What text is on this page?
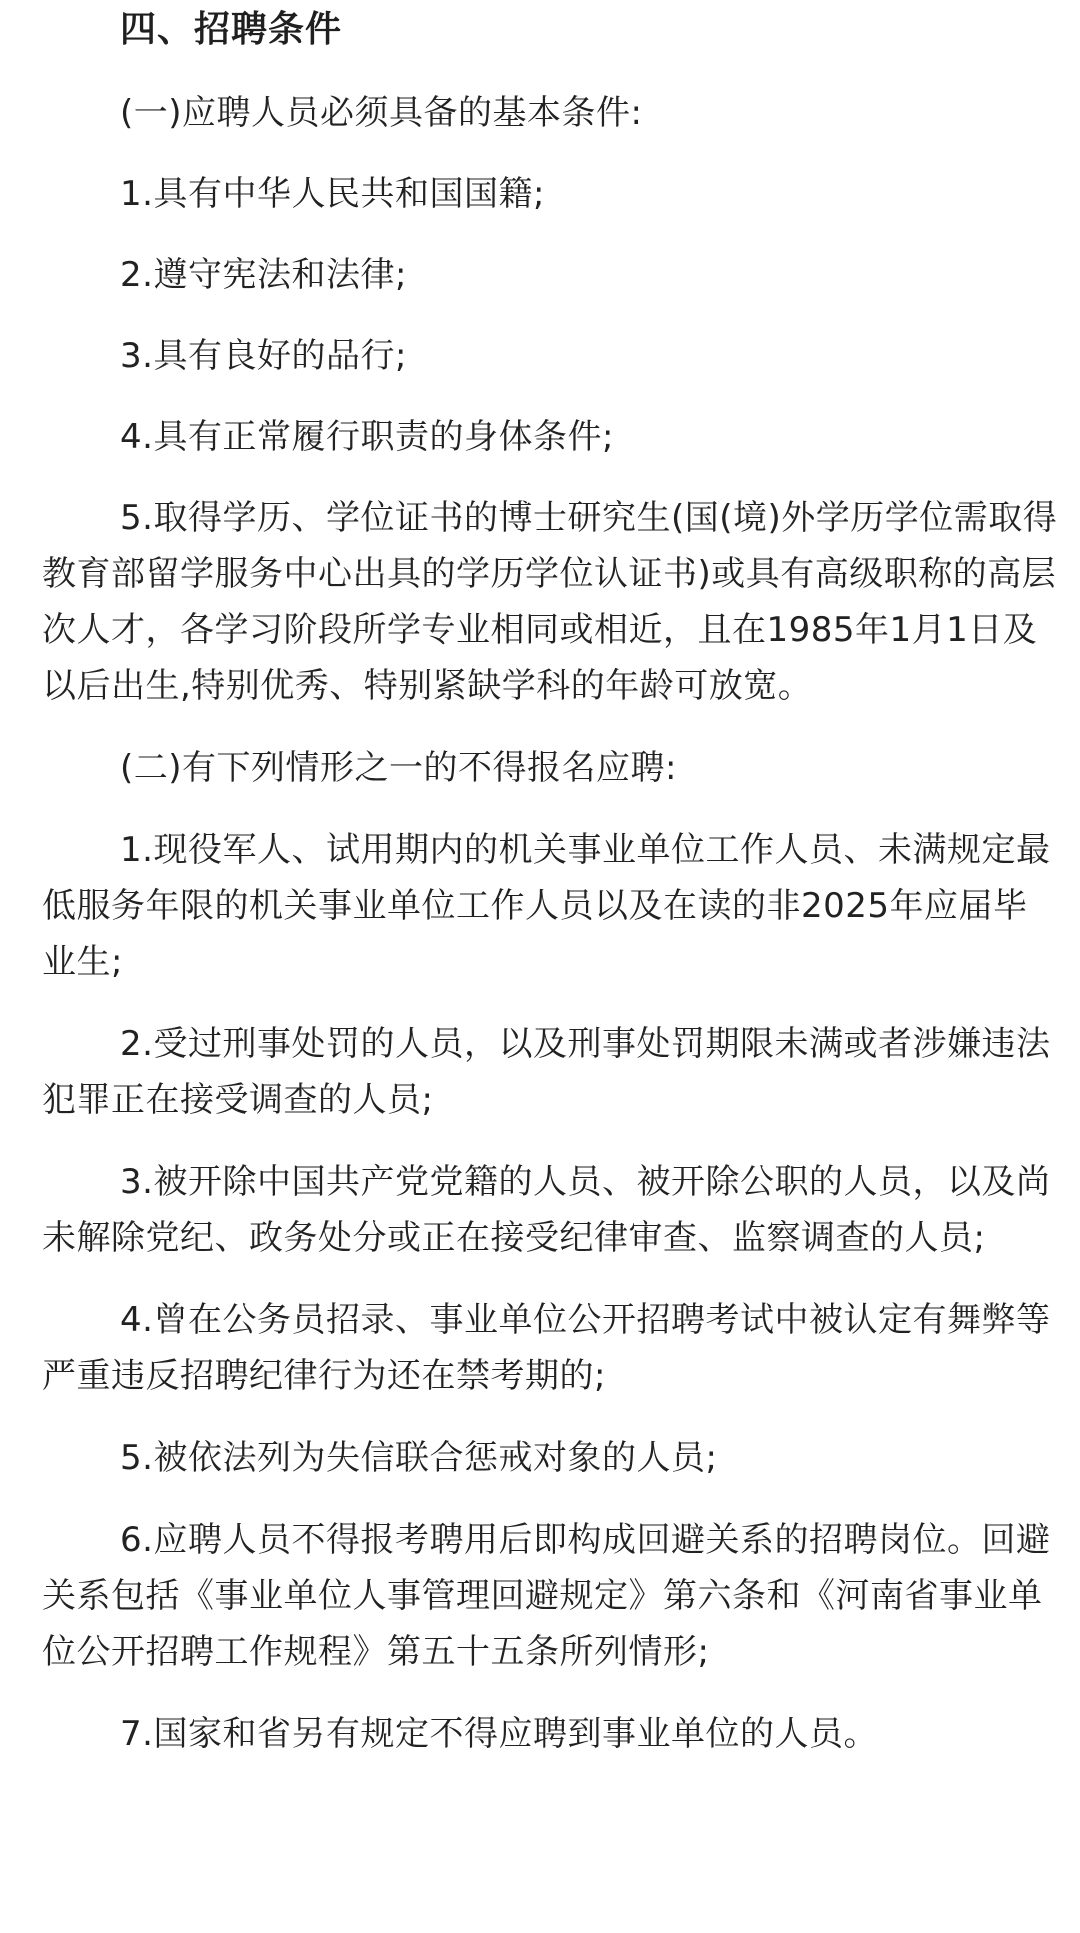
四、招聘条件

(一)应聘人员必须具备的基本条件:

1.具有中华人民共和国国籍;

2.遵守宪法和法律;

3.具有良好的品行;

4.具有正常履行职责的身体条件;

5.取得学历、学位证书的博士研究生(国(境)外学历学位需取得教育部留学服务中心出具的学历学位认证书)或具有高级职称的高层次人才，各学习阶段所学专业相同或相近，且在1985年1月1日及以后出生,特别优秀、特别紧缺学科的年龄可放宽。

(二)有下列情形之一的不得报名应聘:

1.现役军人、试用期内的机关事业单位工作人员、未满规定最低服务年限的机关事业单位工作人员以及在读的非2025年应届毕业生;

2.受过刑事处罚的人员，以及刑事处罚期限未满或者涉嫌违法犯罪正在接受调查的人员;

3.被开除中国共产党党籍的人员、被开除公职的人员，以及尚未解除党纪、政务处分或正在接受纪律审查、监察调查的人员;

4.曾在公务员招录、事业单位公开招聘考试中被认定有舞弊等严重违反招聘纪律行为还在禁考期的;

5.被依法列为失信联合惩戒对象的人员;

6.应聘人员不得报考聘用后即构成回避关系的招聘岗位。回避关系包括《事业单位人事管理回避规定》第六条和《河南省事业单位公开招聘工作规程》第五十五条所列情形;

7.国家和省另有规定不得应聘到事业单位的人员。
